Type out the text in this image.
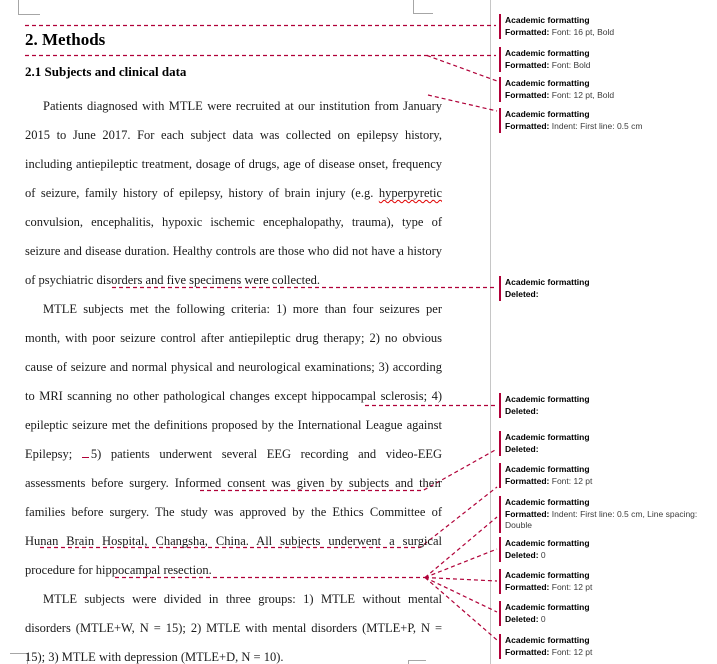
2. Methods
2.1 Subjects and clinical data

Patients diagnosed with MTLE were recruited at our institution from January 2015 to June 2017. For each subject data was collected on epilepsy history, including antiepileptic treatment, dosage of drugs, age of disease onset, frequency of seizure, family history of epilepsy, history of brain injury (e.g. hyperpyretic convulsion, encephalitis, hypoxic ischemic encephalopathy, trauma), type of seizure and disease duration. Healthy controls are those who did not have a history of psychiatric disorders and five specimens were collected.

MTLE subjects met the following criteria: 1) more than four seizures per month, with poor seizure control after antiepileptic drug therapy; 2) no obvious cause of seizure and normal physical and neurological examinations; 3) according to MRI scanning no other pathological changes except hippocampal sclerosis; 4) epileptic seizure met the definitions proposed by the International League against Epilepsy; 5) patients underwent several EEG recording and video-EEG assessments before surgery. Informed consent was given by subjects and their families before surgery. The study was approved by the Ethics Committee of Hunan Brain Hospital, Changsha, China. All subjects underwent a surgical procedure for hippocampal resection.

MTLE subjects were divided in three groups: 1) MTLE without mental disorders (MTLE+W, N = 15); 2) MTLE with mental disorders (MTLE+P, N = 15); 3) MTLE with depression (MTLE+D, N = 10).

Academic formatting
Formatted: Font: 16 pt, Bold
Academic formatting
Formatted: Font: Bold
Academic formatting
Formatted: Font: 12 pt, Bold
Academic formatting
Formatted: Indent: First line: 0.5 cm
Academic formatting
Deleted:
Academic formatting
Deleted:
Academic formatting
Deleted:
Academic formatting
Formatted: Font: 12 pt
Academic formatting
Formatted: Indent: First line: 0.5 cm, Line spacing: Double
Academic formatting
Deleted: 0
Academic formatting
Formatted: Font: 12 pt
Academic formatting
Deleted: 0
Academic formatting
Formatted: Font: 12 pt
